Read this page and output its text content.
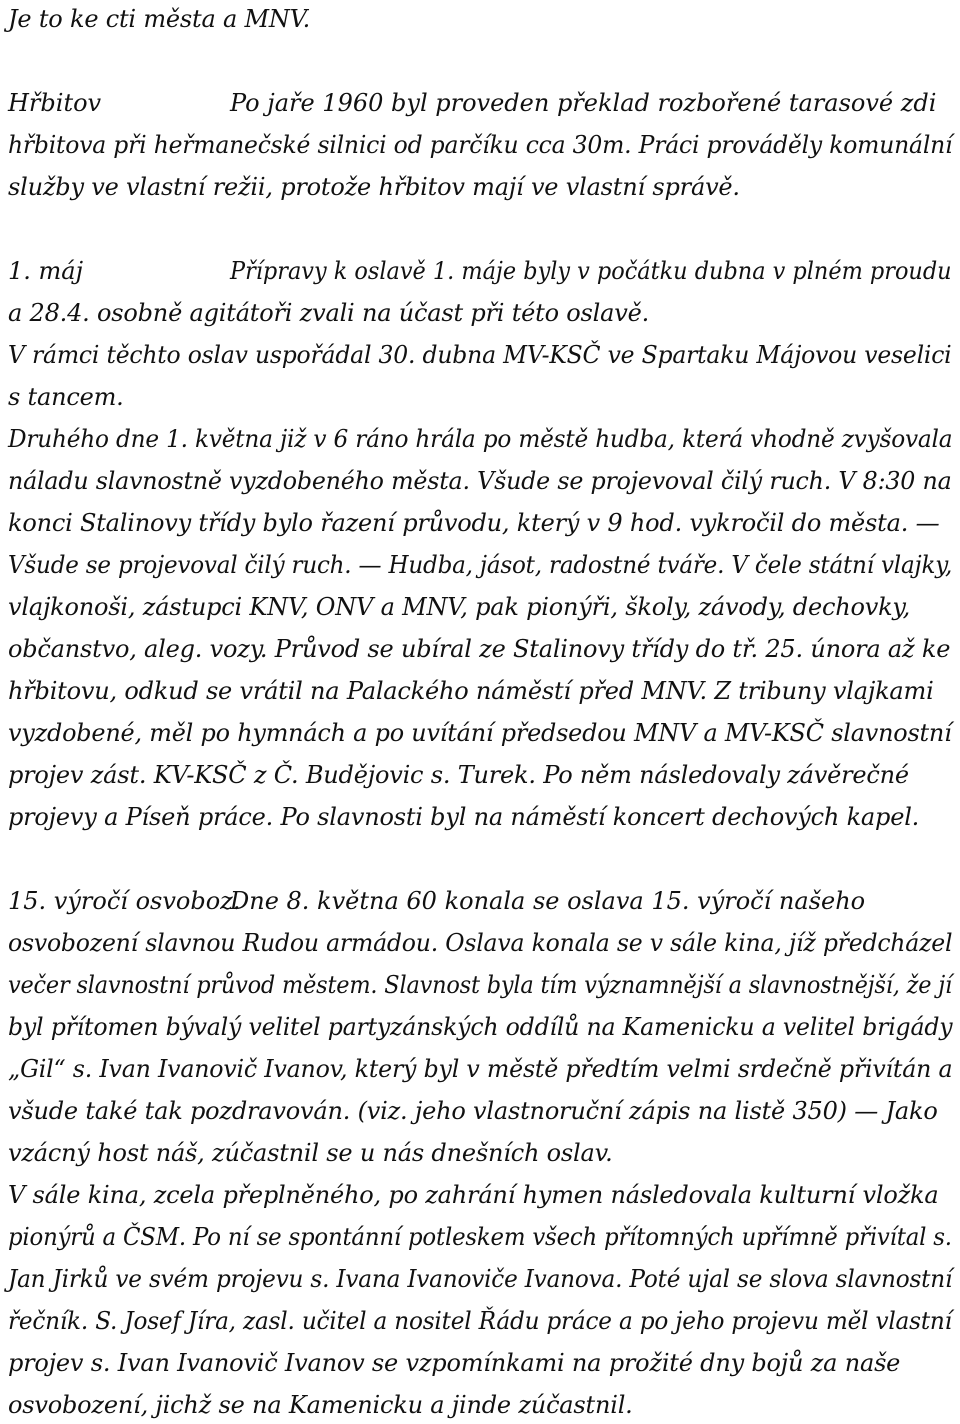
Je to ke cti města a MNV.
Hřbitov	Po jaře 1960 byl proveden překlad rozbořené tarasové zdi
hřbitova při heřmanečské silnici od parčíku cca 30m. Práci prováděly komunální
služby ve vlastní režii, protože hřbitov mají ve vlastní správě.
1. máj	Přípravy k oslavě 1. máje byly v počátku dubna v plném proudu
a 28.4. osobně agitátoři zvali na účast při této oslavě.
V rámci těchto oslav uspořádal 30. dubna MV-KSČ ve Spartaku Májovou veselici
s tancem.
Druhého dne 1. května již v 6 ráno hrála po městě hudba, která vhodně zvyšovala
náladu slavnostně vyzdobeného města. Všude se projevoval čilý ruch. V 8:30 na
konci Stalinovy třídy bylo řazení průvodu, který v 9 hod. vykročil do města. —
Všude se projevoval čilý ruch. — Hudba, jásot, radostné tváře. V čele státní vlajky,
vlajkonoši, zástupci KNV, ONV a MNV, pak pionýři, školy, závody, dechovky,
občanstvo, aleg. vozy. Průvod se ubíral ze Stalinovy třídy do tř. 25. února až ke
hřbitovu, odkud se vrátil na Palackého náměstí před MNV. Z tribuny vlajkami
vyzdobené, měl po hymnách a po uvítání předsedou MNV a MV-KSČ slavnostní
projev zást. KV-KSČ z Č. Budějovic s. Turek. Po něm následovaly závěrečné
projevy a Píseň práce. Po slavnosti byl na náměstí koncert dechových kapel.
15. výročí osvoboz.
Dne 8. května 60 konala se oslava 15. výročí našeho
osvobození slavnou Rudou armádou. Oslava konala se v sále kina, jíž předcházel
večer slavnostní průvod městem. Slavnost byla tím významnější a slavnostnější, že jí
byl přítomen bývalý velitel partyzánských oddílů na Kamenicku a velitel brigády
„Gil“ s. Ivan Ivanovič Ivanov, který byl v městě předtím velmi srdečně přivítán a
všude také tak pozdravován. (viz. jeho vlastnoruční zápis na listě 350) — Jako
vzácný host náš, zúčastnil se u nás dnešních oslav.
V sále kina, zcela přeplněného, po zahrání hymen následovala kulturní vložka
pionýrů a ČSM. Po ní se spontánní potleskem všech přítomných upřímně přivítal s.
Jan Jirků ve svém projevu s. Ivana Ivanoviče Ivanova. Poté ujal se slova slavnostní
řečník. S. Josef Jíra, zasl. učitel a nositel Řádu práce a po jeho projevu měl vlastní
projev s. Ivan Ivanovič Ivanov se vzpomínkami na prožité dny bojů za naše
osvobození, jichž se na Kamenicku a jinde zúčastnil.
